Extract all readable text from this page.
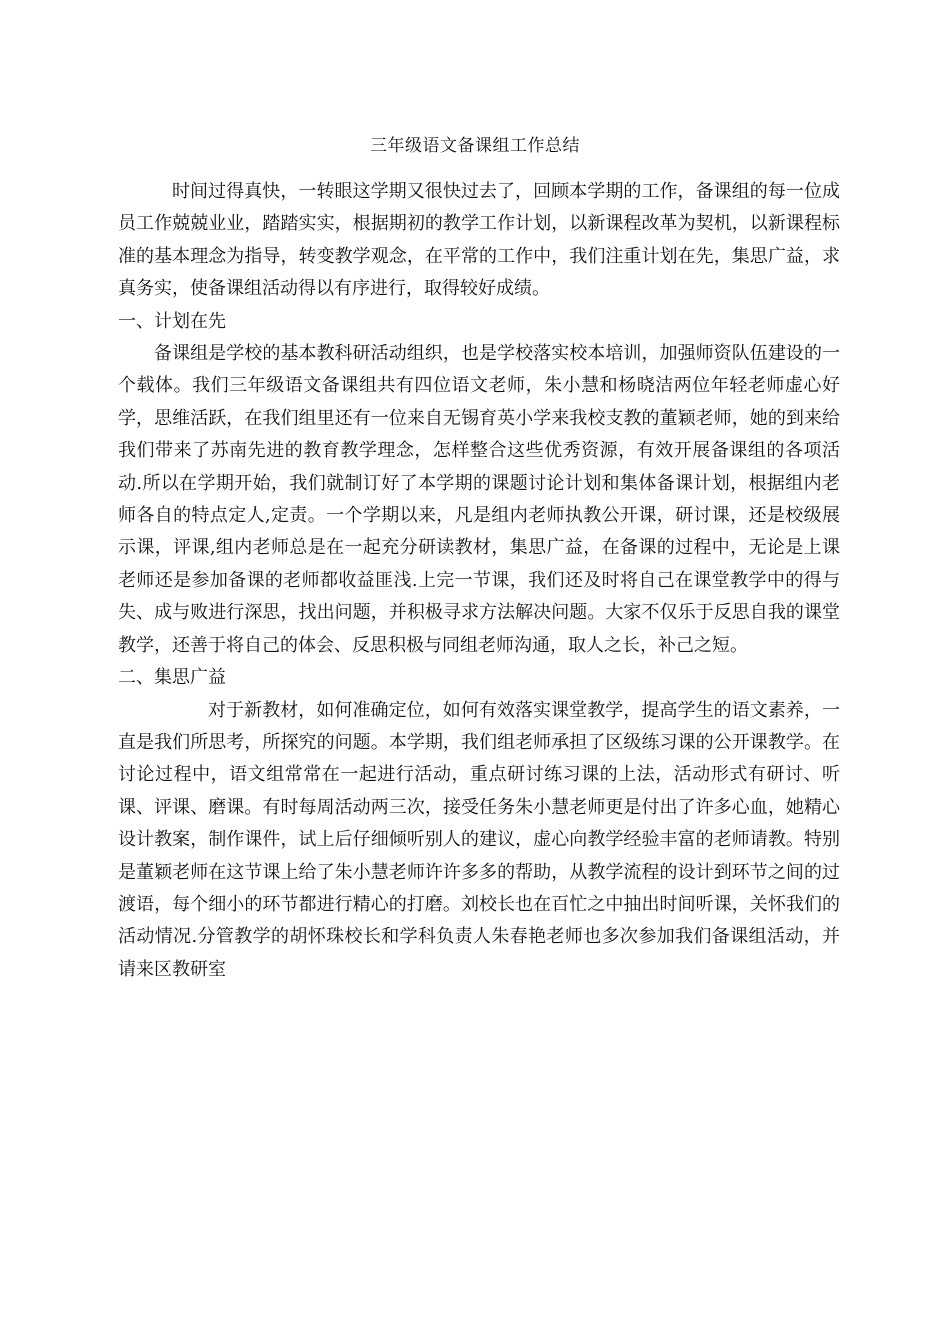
三年级语文备课组工作总结

时间过得真快，一转眼这学期又很快过去了，回顾本学期的工作，备课组的每一位成员工作兢兢业业，踏踏实实，根据期初的教学工作计划，以新课程改革为契机，以新课程标准的基本理念为指导，转变教学观念，在平常的工作中，我们注重计划在先，集思广益，求真务实，使备课组活动得以有序进行，取得较好成绩。

一、计划在先

备课组是学校的基本教科研活动组织，也是学校落实校本培训，加强师资队伍建设的一个载体。我们三年级语文备课组共有四位语文老师，朱小慧和杨晓洁两位年轻老师虚心好学，思维活跃，在我们组里还有一位来自无锡育英小学来我校支教的董颖老师，她的到来给我们带来了苏南先进的教育教学理念，怎样整合这些优秀资源，有效开展备课组的各项活动.所以在学期开始，我们就制订好了本学期的课题讨论计划和集体备课计划，根据组内老师各自的特点定人,定责。一个学期以来，凡是组内老师执教公开课，研讨课，还是校级展示课，评课,组内老师总是在一起充分研读教材，集思广益，在备课的过程中，无论是上课老师还是参加备课的老师都收益匪浅.上完一节课，我们还及时将自己在课堂教学中的得与失、成与败进行深思，找出问题，并积极寻求方法解决问题。大家不仅乐于反思自我的课堂教学，还善于将自己的体会、反思积极与同组老师沟通，取人之长，补己之短。

二、集思广益

对于新教材，如何准确定位，如何有效落实课堂教学，提高学生的语文素养，一直是我们所思考，所探究的问题。本学期，我们组老师承担了区级练习课的公开课教学。在讨论过程中，语文组常常在一起进行活动，重点研讨练习课的上法，活动形式有研讨、听课、评课、磨课。有时每周活动两三次，接受任务朱小慧老师更是付出了许多心血，她精心设计教案，制作课件，试上后仔细倾听别人的建议，虚心向教学经验丰富的老师请教。特别是董颖老师在这节课上给了朱小慧老师许许多多的帮助，从教学流程的设计到环节之间的过渡语，每个细小的环节都进行精心的打磨。刘校长也在百忙之中抽出时间听课，关怀我们的活动情况.分管教学的胡怀珠校长和学科负责人朱春艳老师也多次参加我们备课组活动，并请来区教研室
